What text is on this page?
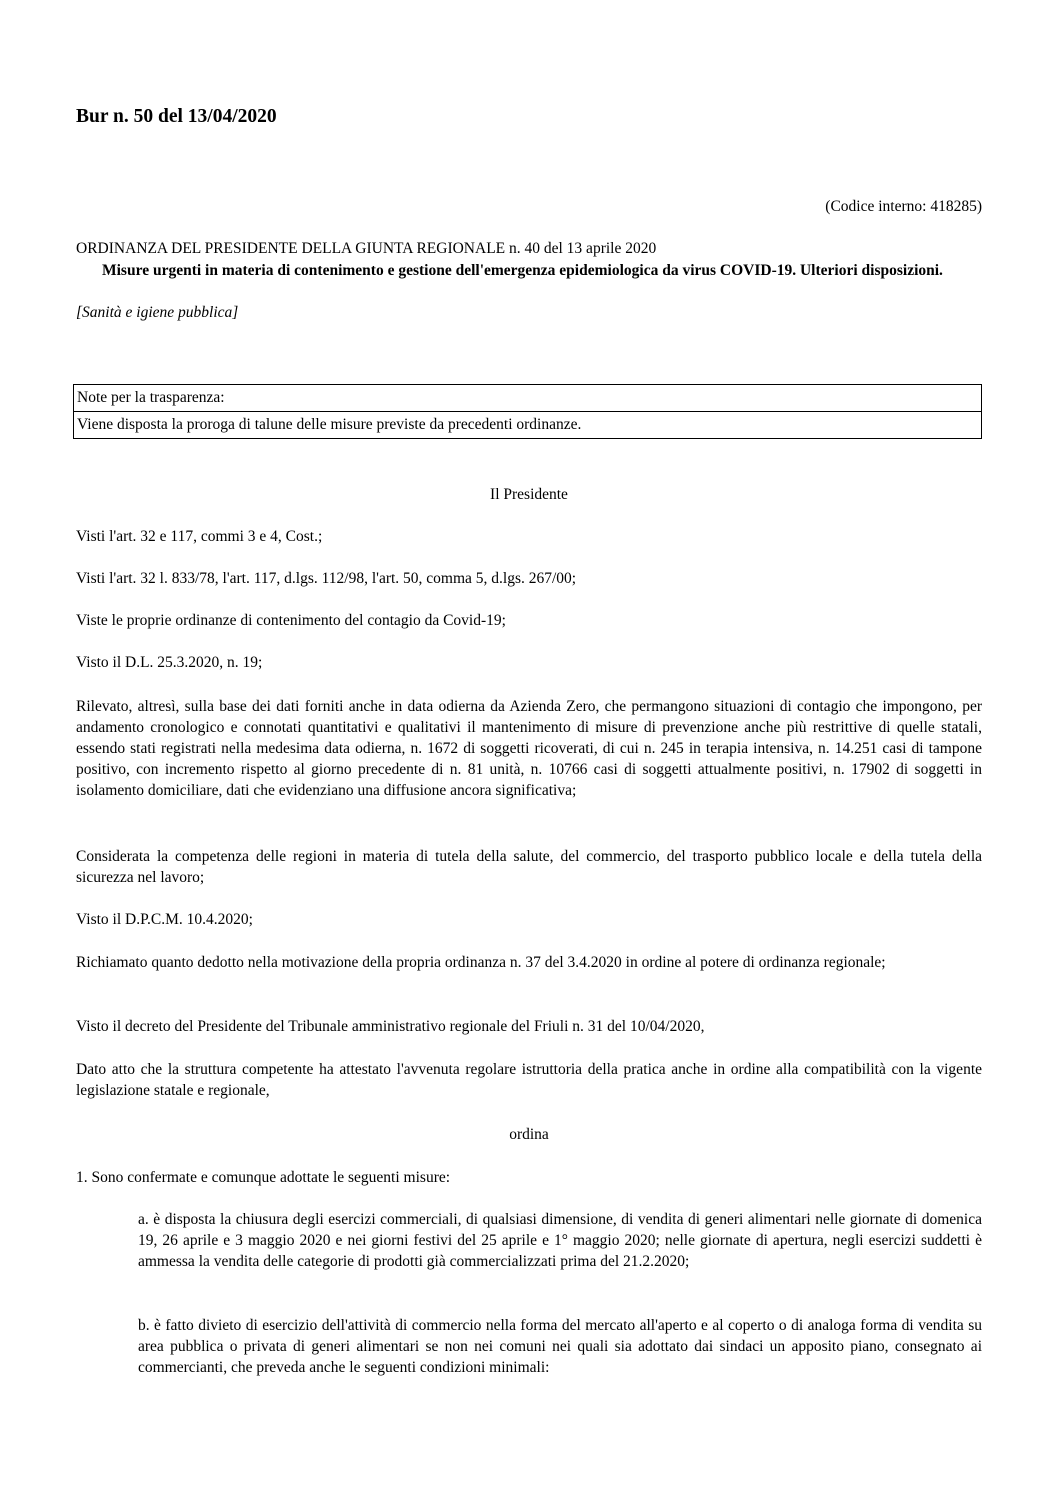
Bur n. 50 del 13/04/2020
(Codice interno: 418285)
ORDINANZA DEL PRESIDENTE DELLA GIUNTA REGIONALE n. 40 del 13 aprile 2020
Misure urgenti in materia di contenimento e gestione dell'emergenza epidemiologica da virus COVID-19. Ulteriori disposizioni.
[Sanità e igiene pubblica]
Note per la trasparenza:
Viene disposta la proroga di talune delle misure previste da precedenti ordinanze.
Il Presidente
Visti l'art. 32 e 117, commi 3 e 4, Cost.;
Visti l'art. 32 l. 833/78, l'art. 117, d.lgs. 112/98, l'art. 50, comma 5, d.lgs. 267/00;
Viste le proprie ordinanze di contenimento del contagio da Covid-19;
Visto il D.L. 25.3.2020, n. 19;
Rilevato, altresì, sulla base dei dati forniti anche in data odierna da Azienda Zero, che permangono situazioni di contagio che impongono, per andamento cronologico e connotati quantitativi e qualitativi il mantenimento di misure di prevenzione anche più restrittive di quelle statali, essendo stati registrati nella medesima data odierna, n. 1672 di soggetti ricoverati, di cui n. 245 in terapia intensiva, n. 14.251 casi di tampone positivo, con incremento rispetto al giorno precedente di n. 81 unità, n. 10766 casi di soggetti attualmente positivi, n. 17902 di soggetti in isolamento domiciliare, dati che evidenziano una diffusione ancora significativa;
Considerata la competenza delle regioni in materia di tutela della salute, del commercio, del trasporto pubblico locale e della tutela della sicurezza nel lavoro;
Visto il D.P.C.M. 10.4.2020;
Richiamato quanto dedotto nella motivazione della propria ordinanza n. 37 del 3.4.2020 in ordine al potere di ordinanza regionale;
Visto il decreto del Presidente del Tribunale amministrativo regionale del Friuli n. 31 del 10/04/2020,
Dato atto che la struttura competente ha attestato l'avvenuta regolare istruttoria della pratica anche in ordine alla compatibilità con la vigente legislazione statale e regionale,
ordina
1. Sono confermate e comunque adottate le seguenti misure:
a. è disposta la chiusura degli esercizi commerciali, di qualsiasi dimensione, di vendita di generi alimentari nelle giornate di domenica 19, 26 aprile e 3 maggio 2020 e nei giorni festivi del 25 aprile e 1° maggio 2020; nelle giornate di apertura, negli esercizi suddetti è ammessa la vendita delle categorie di prodotti già commercializzati prima del 21.2.2020;
b. è fatto divieto di esercizio dell'attività di commercio nella forma del mercato all'aperto e al coperto o di analoga forma di vendita su area pubblica o privata di generi alimentari se non nei comuni nei quali sia adottato dai sindaci un apposito piano, consegnato ai commercianti, che preveda anche le seguenti condizioni minimali:
